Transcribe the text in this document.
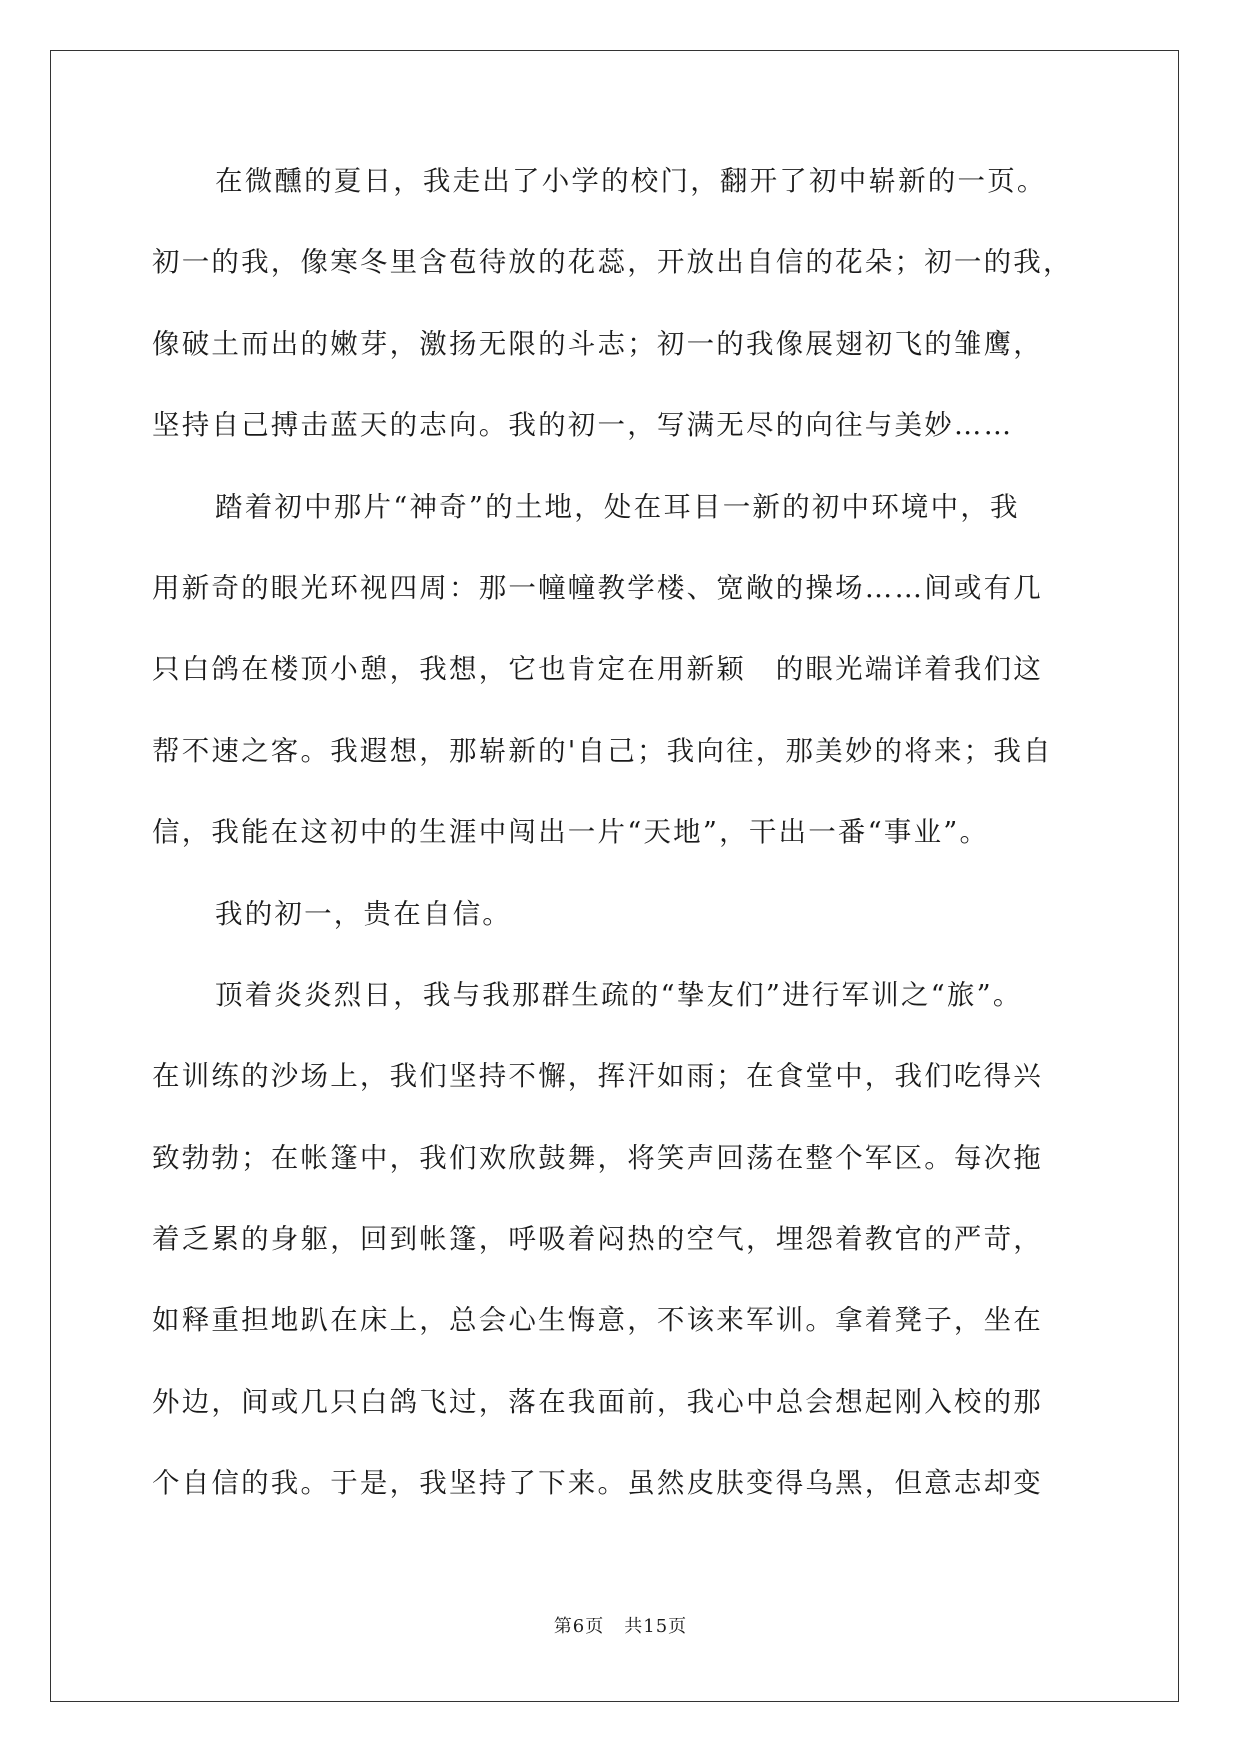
在微醺的夏日，我走出了小学的校门，翻开了初中崭新的一页。
初一的我，像寒冬里含苞待放的花蕊，开放出自信的花朵；初一的我，
像破土而出的嫩芽，激扬无限的斗志；初一的我像展翅初飞的雏鹰，
坚持自己搏击蓝天的志向。我的初一，写满无尽的向往与美妙……
踏着初中那片“神奇”的土地，处在耳目一新的初中环境中，我
用新奇的眼光环视四周：那一幢幢教学楼、宽敞的操场……间或有几
只白鸽在楼顶小憩，我想，它也肯定在用新颖　的眼光端详着我们这
帮不速之客。我遐想，那崭新的'自己；我向往，那美妙的将来；我自
信，我能在这初中的生涯中闯出一片“天地”，干出一番“事业”。
我的初一，贵在自信。
顶着炎炎烈日，我与我那群生疏的“挚友们”进行军训之“旅”。
在训练的沙场上，我们坚持不懈，挥汗如雨；在食堂中，我们吃得兴
致勃勃；在帐篷中，我们欢欣鼓舞，将笑声回荡在整个军区。每次拖
着乏累的身躯，回到帐篷，呼吸着闷热的空气，埋怨着教官的严苛，
如释重担地趴在床上，总会心生悔意，不该来军训。拿着凳子，坐在
外边，间或几只白鸽飞过，落在我面前，我心中总会想起刚入校的那
个自信的我。于是，我坚持了下来。虽然皮肤变得乌黑，但意志却变
第6页 共15页
